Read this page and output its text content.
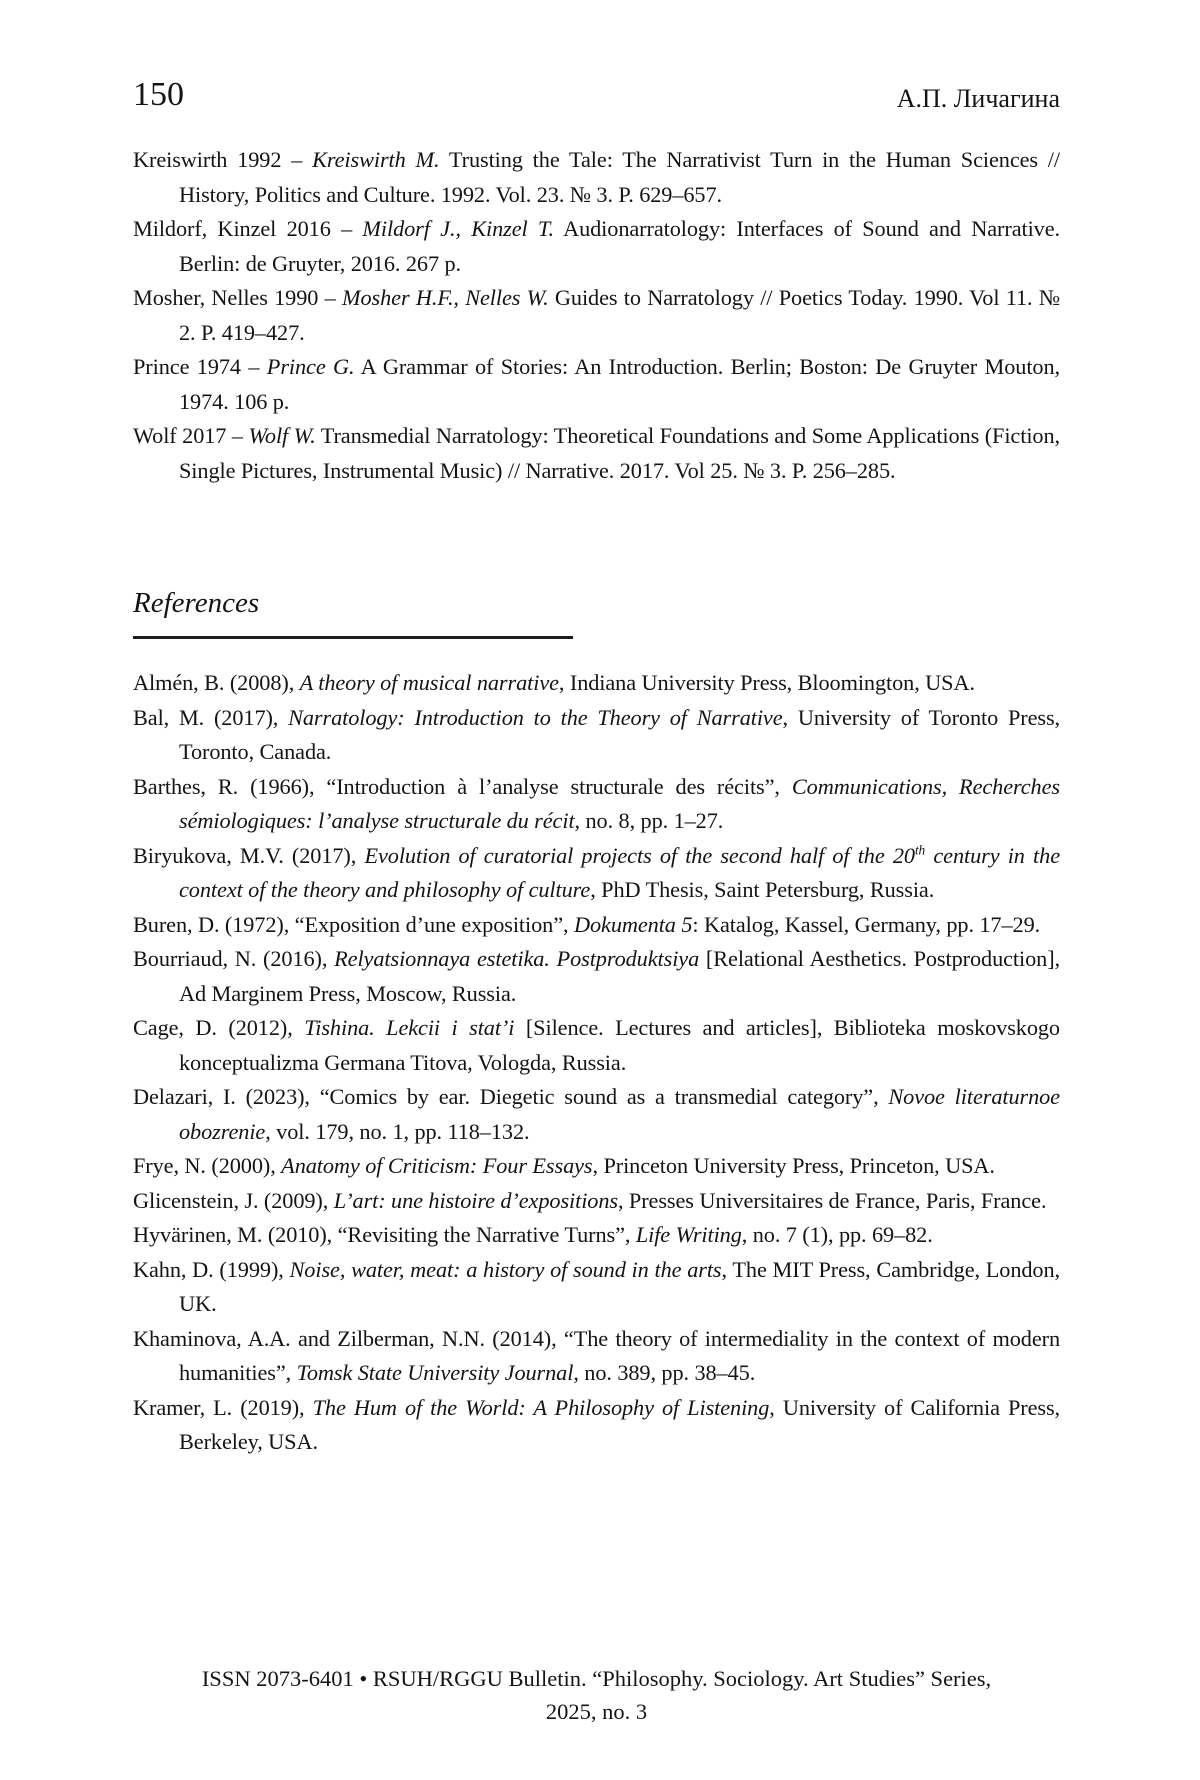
150	А.П. Личагина

Kreiswirth 1992 – Kreiswirth M. Trusting the Tale: The Narrativist Turn in the Human Sciences // History, Politics and Culture. 1992. Vol. 23. № 3. P. 629–657.

Mildorf, Kinzel 2016 – Mildorf J., Kinzel T. Audionarratology: Interfaces of Sound and Narrative. Berlin: de Gruyter, 2016. 267 p.

Mosher, Nelles 1990 – Mosher H.F., Nelles W. Guides to Narratology // Poetics Today. 1990. Vol 11. № 2. P. 419–427.

Prince 1974 – Prince G. A Grammar of Stories: An Introduction. Berlin; Boston: De Gruyter Mouton, 1974. 106 p.

Wolf 2017 – Wolf W. Transmedial Narratology: Theoretical Foundations and Some Applications (Fiction, Single Pictures, Instrumental Music) // Narrative. 2017. Vol 25. № 3. P. 256–285.

References

Almén, B. (2008), A theory of musical narrative, Indiana University Press, Bloomington, USA.

Bal, M. (2017), Narratology: Introduction to the Theory of Narrative, University of Toronto Press, Toronto, Canada.

Barthes, R. (1966), “Introduction à l’analyse structurale des récits”, Communications, Recherches sémiologiques: l’analyse structurale du récit, no. 8, pp. 1–27.

Biryukova, M.V. (2017), Evolution of curatorial projects of the second half of the 20th century in the context of the theory and philosophy of culture, PhD Thesis, Saint Petersburg, Russia.

Buren, D. (1972), “Exposition d’une exposition”, Dokumenta 5: Katalog, Kassel, Germany, pp. 17–29.

Bourriaud, N. (2016), Relyatsionnaya estetika. Postproduktsiya [Relational Aesthetics. Postproduction], Ad Marginem Press, Moscow, Russia.

Cage, D. (2012), Tishina. Lekcii i stat’i [Silence. Lectures and articles], Biblioteka moskovskogo konceptualizma Germana Titova, Vologda, Russia.

Delazari, I. (2023), “Comics by ear. Diegetic sound as a transmedial category”, Novoe literaturnoe obozrenie, vol. 179, no. 1, pp. 118–132.

Frye, N. (2000), Anatomy of Criticism: Four Essays, Princeton University Press, Princeton, USA.

Glicenstein, J. (2009), L’art: une histoire d’expositions, Presses Universitaires de France, Paris, France.

Hyvärinen, M. (2010), “Revisiting the Narrative Turns”, Life Writing, no. 7 (1), pp. 69–82.

Kahn, D. (1999), Noise, water, meat: a history of sound in the arts, The MIT Press, Cambridge, London, UK.

Khaminova, A.A. and Zilberman, N.N. (2014), “The theory of intermediality in the context of modern humanities”, Tomsk State University Journal, no. 389, pp. 38–45.

Kramer, L. (2019), The Hum of the World: A Philosophy of Listening, University of California Press, Berkeley, USA.

ISSN 2073-6401 • RSUH/RGGU Bulletin. “Philosophy. Sociology. Art Studies” Series,
2025, no. 3
